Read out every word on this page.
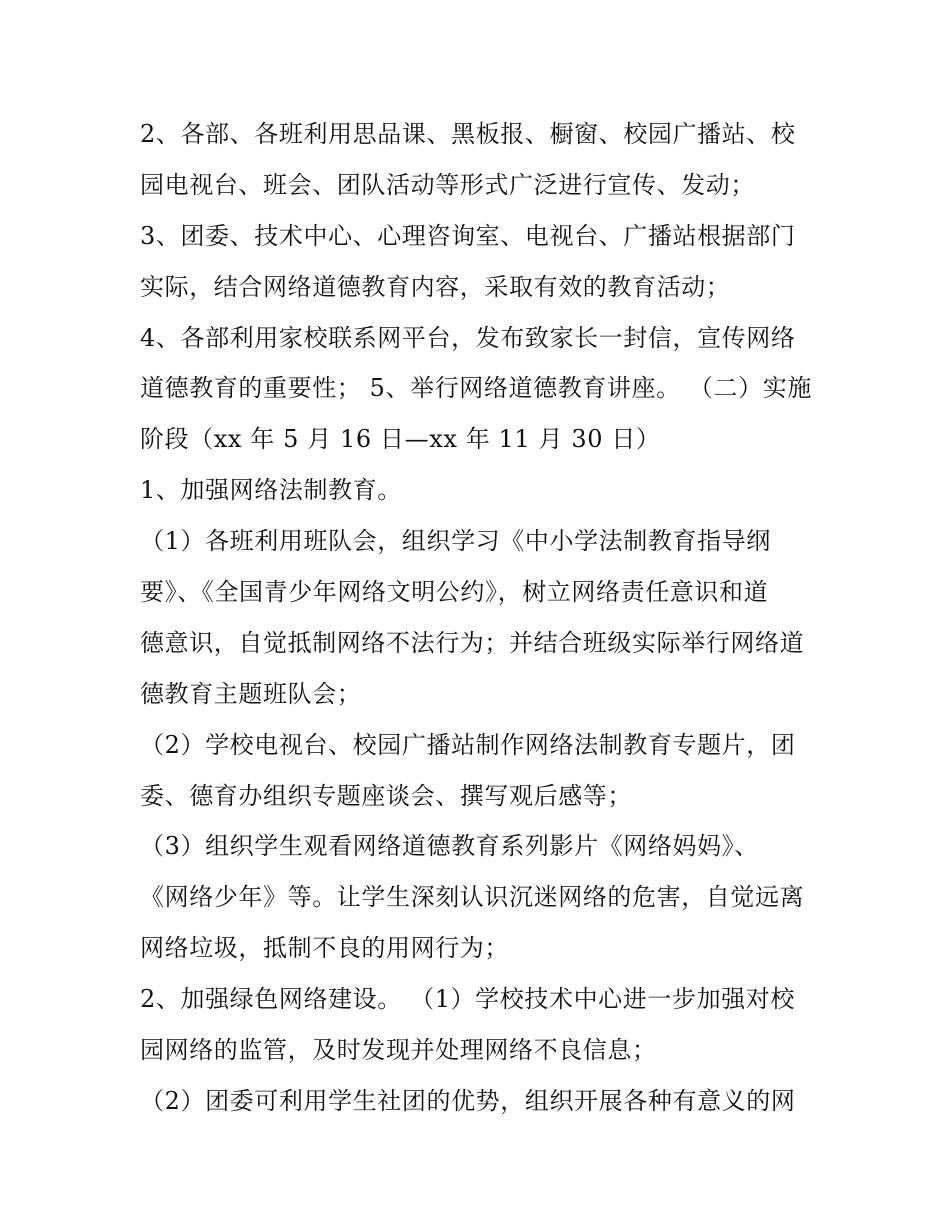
2、各部、各班利用思品课、黑板报、橱窗、校园广播站、校
园电视台、班会、团队活动等形式广泛进行宣传、发动；
3、团委、技术中心、心理咨询室、电视台、广播站根据部门
实际，结合网络道德教育内容，采取有效的教育活动；
4、各部利用家校联系网平台，发布致家长一封信，宣传网络
道德教育的重要性； 5、举行网络道德教育讲座。 （二）实施
阶段（xx 年 5 月 16 日—xx 年 11 月 30 日）
1、加强网络法制教育。
（1）各班利用班队会，组织学习《中小学法制教育指导纲
要》、《全国青少年网络文明公约》，树立网络责任意识和道
德意识，自觉抵制网络不法行为；并结合班级实际举行网络道
德教育主题班队会；
（2）学校电视台、校园广播站制作网络法制教育专题片，团
委、德育办组织专题座谈会、撰写观后感等；
（3）组织学生观看网络道德教育系列影片《网络妈妈》、
《网络少年》等。让学生深刻认识沉迷网络的危害，自觉远离
网络垃圾，抵制不良的用网行为；
2、加强绿色网络建设。 （1）学校技术中心进一步加强对校
园网络的监管，及时发现并处理网络不良信息；
（2）团委可利用学生社团的优势，组织开展各种有意义的网
